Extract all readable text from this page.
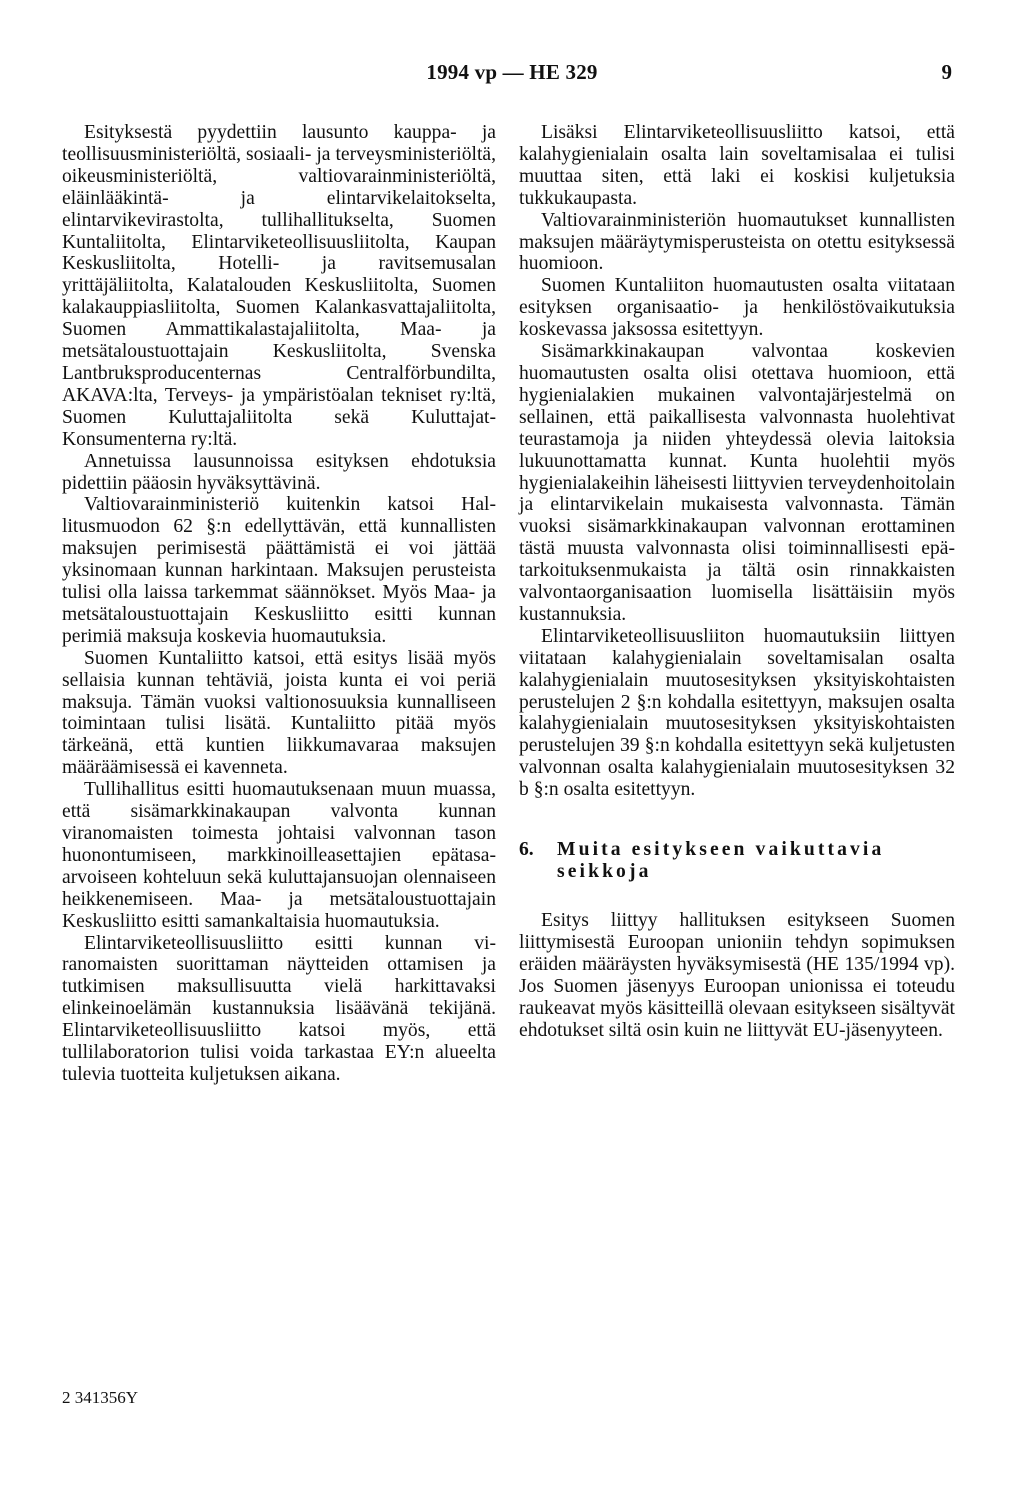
1994 vp — HE 329	9

Esityksestä pyydettiin lausunto kauppa- ja teollisuusministeriöltä, sosiaali- ja terveysministeriöltä, oikeusministeriöltä, valtiovarainministeriöltä, eläinlääkintä- ja elintarvikelaitokselta, elintarvikevirastolta, tullihallitukselta, Suomen Kuntaliitolta, Elintarviketeollisuusliitolta, Kaupan Keskusliitolta, Hotelli- ja ravitsemusalan yrittäjäliitolta, Kalatalouden Keskusliitolta, Suomen kalakauppiasliitolta, Suomen Kalankasvattajaliitolta, Suomen Ammattikalastajaliitolta, Maa- ja metsätaloustuottajain Keskusliitolta, Svenska Lantbruksproducenternas Centralförbundilta, AKAVA:lta, Terveys- ja ympäristöalan tekniset ry:ltä, Suomen Kuluttajaliitolta sekä Kuluttajat-Konsumenterna ry:ltä.

Annetuissa lausunnoissa esityksen ehdotuksia pidettiin pääosin hyväksyttävinä.

Valtiovarainministeriö kuitenkin katsoi Hallitusmuodon 62 §:n edellyttävän, että kunnallisten maksujen perimisestä päättämistä ei voi jättää yksinomaan kunnan harkintaan. Maksujen perusteista tulisi olla laissa tarkemmat säännökset. Myös Maa- ja metsätaloustuottajain Keskusliitto esitti kunnan perimiä maksuja koskevia huomautuksia.

Suomen Kuntaliitto katsoi, että esitys lisää myös sellaisia kunnan tehtäviä, joista kunta ei voi periä maksuja. Tämän vuoksi valtionosuuksia kunnalliseen toimintaan tulisi lisätä. Kuntaliitto pitää myös tärkeänä, että kuntien liikkumavaraa maksujen määräämisessä ei kavenneta.

Tullihallitus esitti huomautuksenaan muun muassa, että sisämarkkinakaupan valvonta kunnan viranomaisten toimesta johtaisi valvonnan tason huonontumiseen, markkinoilleasettajien epätasa-arvoiseen kohteluun sekä kuluttajansuojan olennaiseen heikkenemiseen. Maa- ja metsätaloustuottajain Keskusliitto esitti samankaltaisia huomautuksia.

Elintarviketeollisuusliitto esitti kunnan viranomaisten suorittaman näytteiden ottamisen ja tutkimisen maksullisuutta vielä harkittavaksi elinkeinoelämän kustannuksia lisäävänä tekijänä. Elintarviketeollisuusliitto katsoi myös, että tullilaboratorion tulisi voida tarkastaa EY:n alueelta tulevia tuotteita kuljetuksen aikana.

Lisäksi Elintarviketeollisuusliitto katsoi, että kalahygienialain osalta lain soveltamisalaa ei tulisi muuttaa siten, että laki ei koskisi kuljetuksia tukkukaupasta.

Valtiovarainministeriön huomautukset kunnallisten maksujen määräytymisperusteista on otettu esityksessä huomioon.

Suomen Kuntaliiton huomautusten osalta viitataan esityksen organisaatio- ja henkilöstövaikutuksia koskevassa jaksossa esitettyyn.

Sisämarkkinakaupan valvontaa koskevien huomautusten osalta olisi otettava huomioon, että hygienialakien mukainen valvontajärjestelmä on sellainen, että paikallisesta valvonnasta huolehtivat teurastamoja ja niiden yhteydessä olevia laitoksia lukuunottamatta kunnat. Kunta huolehtii myös hygienialakeihin läheisesti liittyvien terveydenhoitolain ja elintarvikelain mukaisesta valvonnasta. Tämän vuoksi sisämarkkinakaupan valvonnan erottaminen tästä muusta valvonnasta olisi toiminnallisesti epätarkoituksenmukaista ja tältä osin rinnakkaisten valvontaorganisaation luomisella lisättäisiin myös kustannuksia.

Elintarviketeollisuusliiton huomautuksiin liittyen viitataan kalahygienialain soveltamisalan osalta kalahygienialain muutosesityksen yksityiskohtaisten perustelujen 2 §:n kohdalla esitettyyn, maksujen osalta kalahygienialain muutosesityksen yksityiskohtaisten perustelujen 39 §:n kohdalla esitettyyn sekä kuljetusten valvonnan osalta kalahygienialain muutosesityksen 32 b §:n osalta esitettyyn.

6.	Muita esitykseen vaikuttavia seikkoja

Esitys liittyy hallituksen esitykseen Suomen liittymisestä Euroopan unioniin tehdyn sopimuksen eräiden määräysten hyväksymisestä (HE 135/1994 vp). Jos Suomen jäsenyys Euroopan unionissa ei toteudu raukeavat myös käsitteillä olevaan esitykseen sisältyvät ehdotukset siltä osin kuin ne liittyvät EU-jäsenyyteen.

2 341356Y
